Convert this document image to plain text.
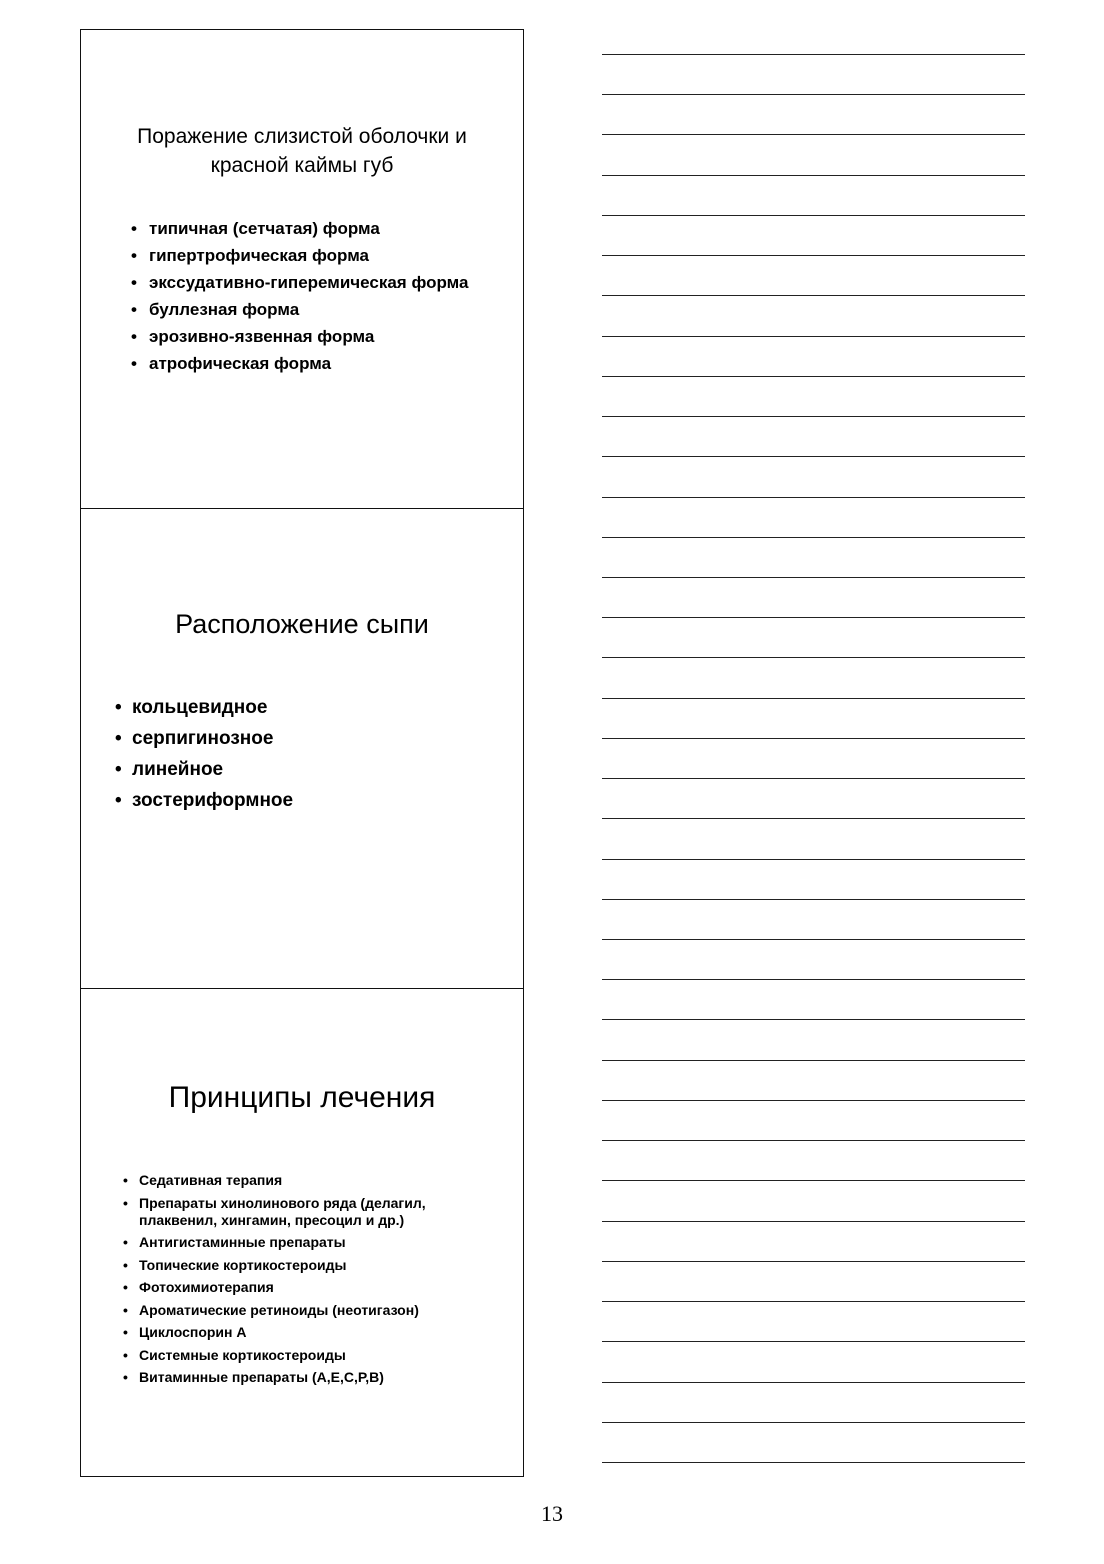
Поражение слизистой оболочки и красной каймы губ
• типичная (сетчатая) форма
• гипертрофическая форма
• экссудативно-гиперемическая форма
• буллезная форма
• эрозивно-язвенная форма
• атрофическая форма
Расположение сыпи
• кольцевидное
• серпигинозное
• линейное
• зостериформное
Принципы лечения
• Седативная терапия
• Препараты хинолинового ряда (делагил, плаквенил, хингамин, пресоцил и др.)
• Антигистаминные препараты
• Топические кортикостероиды
• Фотохимиотерапия
• Ароматические ретиноиды (неотигазон)
• Циклоспорин А
• Системные кортикостероиды
• Витаминные препараты (А,Е,С,Р,В)
13
